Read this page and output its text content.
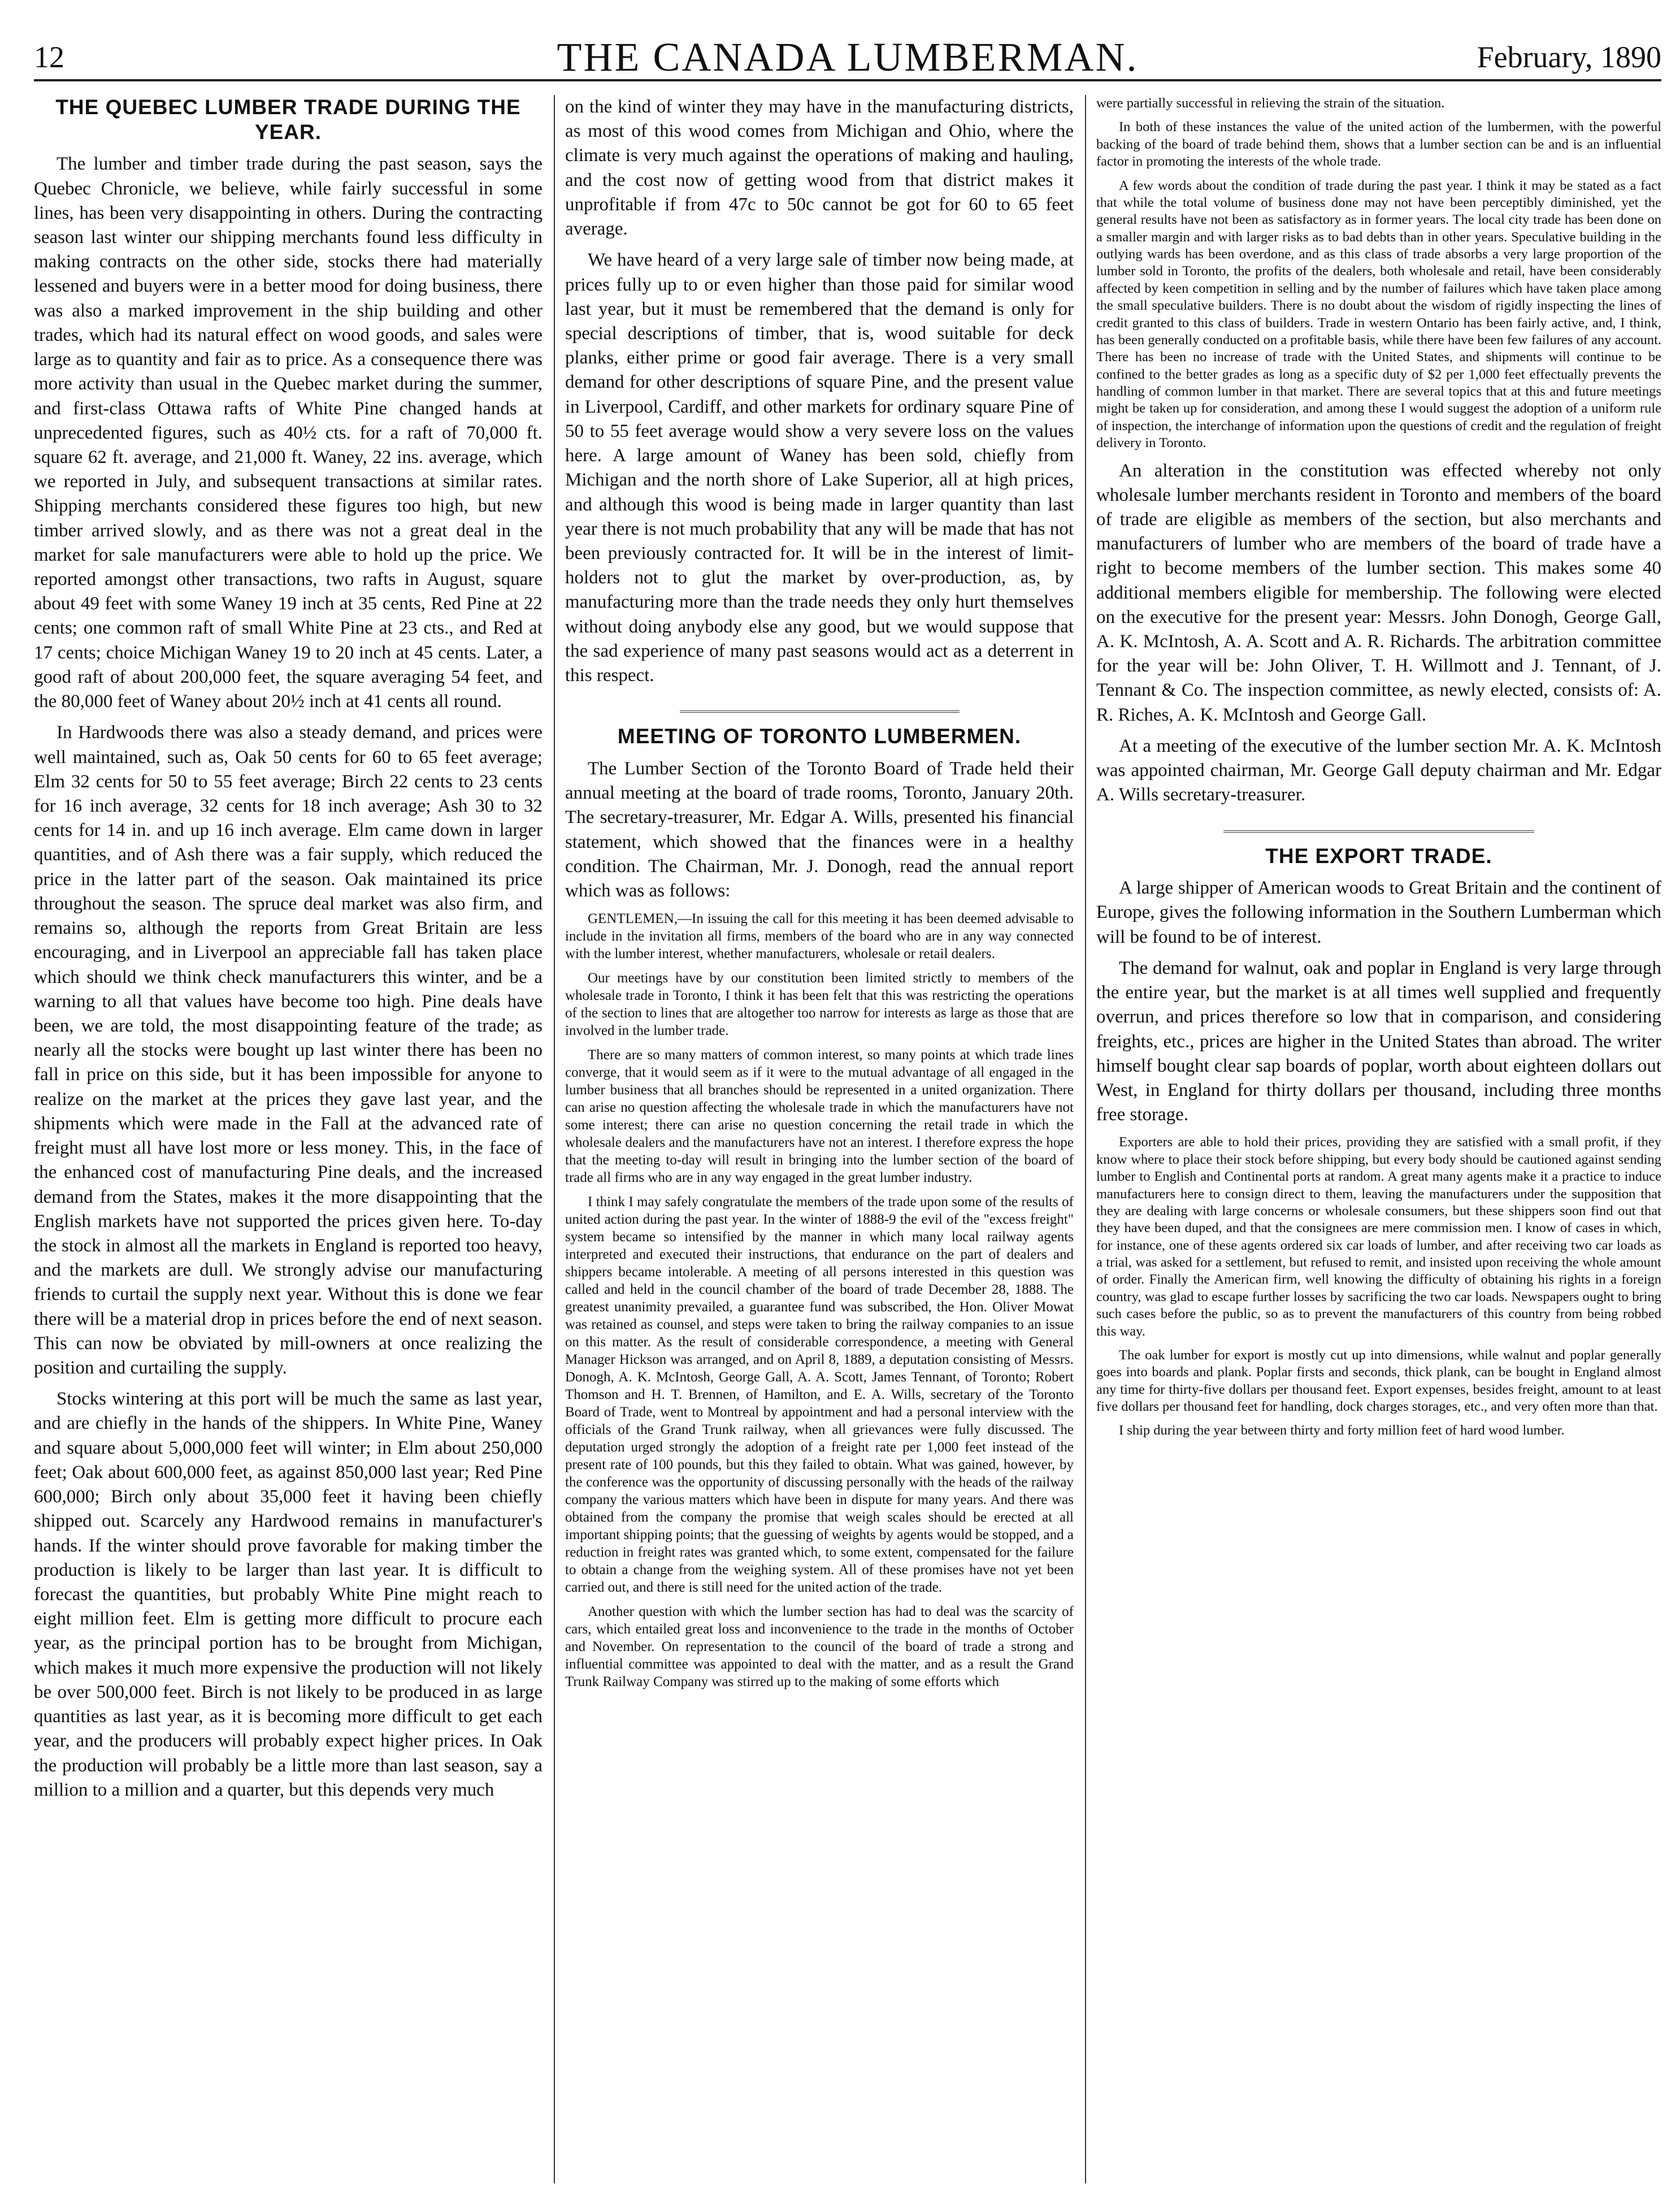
12	THE CANADA LUMBERMAN.	February, 1890
THE QUEBEC LUMBER TRADE DURING THE YEAR.

The lumber and timber trade during the past season, says the Quebec Chronicle, we believe, while fairly successful in some lines, has been very disappointing in others. During the contracting season last winter our shipping merchants found less difficulty in making contracts on the other side, stocks there had materially lessened and buyers were in a better mood for doing business, there was also a marked improvement in the ship building and other trades, which had its natural effect on wood goods, and sales were large as to quantity and fair as to price. As a consequence there was more activity than usual in the Quebec market during the summer, and first-class Ottawa rafts of White Pine changed hands at unprecedented figures, such as 40½ cts. for a raft of 70,000 ft. square 62 ft. average, and 21,000 ft. Waney, 22 ins. average, which we reported in July, and subsequent transactions at similar rates. Shipping merchants considered these figures too high, but new timber arrived slowly, and as there was not a great deal in the market for sale manufacturers were able to hold up the price. We reported amongst other transactions, two rafts in August, square about 49 feet with some Waney 19 inch at 35 cents, Red Pine at 22 cents; one common raft of small White Pine at 23 cts., and Red at 17 cents; choice Michigan Waney 19 to 20 inch at 45 cents. Later, a good raft of about 200,000 feet, the square averaging 54 feet, and the 80,000 feet of Waney about 20½ inch at 41 cents all round.

In Hardwoods there was also a steady demand, and prices were well maintained, such as, Oak 50 cents for 60 to 65 feet average; Elm 32 cents for 50 to 55 feet average; Birch 22 cents to 23 cents for 16 inch average, 32 cents for 18 inch average; Ash 30 to 32 cents for 14 in. and up 16 inch average. Elm came down in larger quantities, and of Ash there was a fair supply, which reduced the price in the latter part of the season. Oak maintained its price throughout the season. The spruce deal market was also firm, and remains so, although the reports from Great Britain are less encouraging, and in Liverpool an appreciable fall has taken place which should we think check manufacturers this winter, and be a warning to all that values have become too high. Pine deals have been, we are told, the most disappointing feature of the trade; as nearly all the stocks were bought up last winter there has been no fall in price on this side, but it has been impossible for anyone to realize on the market at the prices they gave last year, and the shipments which were made in the Fall at the advanced rate of freight must all have lost more or less money. This, in the face of the enhanced cost of manufacturing Pine deals, and the increased demand from the States, makes it the more disappointing that the English markets have not supported the prices given here. To-day the stock in almost all the markets in England is reported too heavy, and the markets are dull. We strongly advise our manufacturing friends to curtail the supply next year. Without this is done we fear there will be a material drop in prices before the end of next season. This can now be obviated by mill-owners at once realizing the position and curtailing the supply.

Stocks wintering at this port will be much the same as last year, and are chiefly in the hands of the shippers. In White Pine, Waney and square about 5,000,000 feet will winter; in Elm about 250,000 feet; Oak about 600,000 feet, as against 850,000 last year; Red Pine 600,000; Birch only about 35,000 feet it having been chiefly shipped out. Scarcely any Hardwood remains in manufacturer's hands. If the winter should prove favorable for making timber the production is likely to be larger than last year. It is difficult to forecast the quantities, but probably White Pine might reach to eight million feet. Elm is getting more difficult to procure each year, as the principal portion has to be brought from Michigan, which makes it much more expensive the production will not likely be over 500,000 feet. Birch is not likely to be produced in as large quantities as last year, as it is becoming more difficult to get each year, and the producers will probably expect higher prices. In Oak the production will probably be a little more than last season, say a million to a million and a quarter, but this depends very much

on the kind of winter they may have in the manufacturing districts, as most of this wood comes from Michigan and Ohio, where the climate is very much against the operations of making and hauling, and the cost now of getting wood from that district makes it unprofitable if from 47c to 50c cannot be got for 60 to 65 feet average.

We have heard of a very large sale of timber now being made, at prices fully up to or even higher than those paid for similar wood last year, but it must be remembered that the demand is only for special descriptions of timber, that is, wood suitable for deck planks, either prime or good fair average. There is a very small demand for other descriptions of square Pine, and the present value in Liverpool, Cardiff, and other markets for ordinary square Pine of 50 to 55 feet average would show a very severe loss on the values here. A large amount of Waney has been sold, chiefly from Michigan and the north shore of Lake Superior, all at high prices, and although this wood is being made in larger quantity than last year there is not much probability that any will be made that has not been previously contracted for. It will be in the interest of limit-holders not to glut the market by over-production, as, by manufacturing more than the trade needs they only hurt themselves without doing anybody else any good, but we would suppose that the sad experience of many past seasons would act as a deterrent in this respect.

MEETING OF TORONTO LUMBERMEN.

The Lumber Section of the Toronto Board of Trade held their annual meeting at the board of trade rooms, Toronto, January 20th. The secretary-treasurer, Mr. Edgar A. Wills, presented his financial statement, which showed that the finances were in a healthy condition. The Chairman, Mr. J. Donogh, read the annual report which was as follows:

GENTLEMEN,—In issuing the call for this meeting it has been deemed advisable to include in the invitation all firms, members of the board who are in any way connected with the lumber interest, whether manufacturers, wholesale or retail dealers.

Our meetings have by our constitution been limited strictly to members of the wholesale trade in Toronto, I think it has been felt that this was restricting the operations of the section to lines that are altogether too narrow for interests as large as those that are involved in the lumber trade.

There are so many matters of common interest, so many points at which trade lines converge, that it would seem as if it were to the mutual advantage of all engaged in the lumber business that all branches should be represented in a united organization. There can arise no question affecting the wholesale trade in which the manufacturers have not some interest; there can arise no question concerning the retail trade in which the wholesale dealers and the manufacturers have not an interest. I therefore express the hope that the meeting to-day will result in bringing into the lumber section of the board of trade all firms who are in any way engaged in the great lumber industry.

I think I may safely congratulate the members of the trade upon some of the results of united action during the past year. In the winter of 1888-9 the evil of the "excess freight" system became so intensified by the manner in which many local railway agents interpreted and executed their instructions, that endurance on the part of dealers and shippers became intolerable. A meeting of all persons interested in this question was called and held in the council chamber of the board of trade December 28, 1888. The greatest unanimity prevailed, a guarantee fund was subscribed, the Hon. Oliver Mowat was retained as counsel, and steps were taken to bring the railway companies to an issue on this matter. As the result of considerable correspondence, a meeting with General Manager Hickson was arranged, and on April 8, 1889, a deputation consisting of Messrs. Donogh, A. K. McIntosh, George Gall, A. A. Scott, James Tennant, of Toronto; Robert Thomson and H. T. Brennen, of Hamilton, and E. A. Wills, secretary of the Toronto Board of Trade, went to Montreal by appointment and had a personal interview with the officials of the Grand Trunk railway, when all grievances were fully discussed. The deputation urged strongly the adoption of a freight rate per 1,000 feet instead of the present rate of 100 pounds, but this they failed to obtain. What was gained, however, by the conference was the opportunity of discussing personally with the heads of the railway company the various matters which have been in dispute for many years. And there was obtained from the company the promise that weigh scales should be erected at all important shipping points; that the guessing of weights by agents would be stopped, and a reduction in freight rates was granted which, to some extent, compensated for the failure to obtain a change from the weighing system. All of these promises have not yet been carried out, and there is still need for the united action of the trade.

Another question with which the lumber section has had to deal was the scarcity of cars, which entailed great loss and inconvenience to the trade in the months of October and November. On representation to the council of the board of trade a strong and influential committee was appointed to deal with the matter, and as a result the Grand Trunk Railway Company was stirred up to the making of some efforts which

were partially successful in relieving the strain of the situation.

In both of these instances the value of the united action of the lumbermen, with the powerful backing of the board of trade behind them, shows that a lumber section can be and is an influential factor in promoting the interests of the whole trade.

A few words about the condition of trade during the past year. I think it may be stated as a fact that while the total volume of business done may not have been perceptibly diminished, yet the general results have not been as satisfactory as in former years. The local city trade has been done on a smaller margin and with larger risks as to bad debts than in other years. Speculative building in the outlying wards has been overdone, and as this class of trade absorbs a very large proportion of the lumber sold in Toronto, the profits of the dealers, both wholesale and retail, have been considerably affected by keen competition in selling and by the number of failures which have taken place among the small speculative builders. There is no doubt about the wisdom of rigidly inspecting the lines of credit granted to this class of builders. Trade in western Ontario has been fairly active, and, I think, has been generally conducted on a profitable basis, while there have been few failures of any account. There has been no increase of trade with the United States, and shipments will continue to be confined to the better grades as long as a specific duty of $2 per 1,000 feet effectually prevents the handling of common lumber in that market. There are several topics that at this and future meetings might be taken up for consideration, and among these I would suggest the adoption of a uniform rule of inspection, the interchange of information upon the questions of credit and the regulation of freight delivery in Toronto.

An alteration in the constitution was effected whereby not only wholesale lumber merchants resident in Toronto and members of the board of trade are eligible as members of the section, but also merchants and manufacturers of lumber who are members of the board of trade have a right to become members of the lumber section. This makes some 40 additional members eligible for membership. The following were elected on the executive for the present year: Messrs. John Donogh, George Gall, A. K. McIntosh, A. A. Scott and A. R. Richards. The arbitration committee for the year will be: John Oliver, T. H. Willmott and J. Tennant, of J. Tennant & Co. The inspection committee, as newly elected, consists of: A. R. Riches, A. K. McIntosh and George Gall.

At a meeting of the executive of the lumber section Mr. A. K. McIntosh was appointed chairman, Mr. George Gall deputy chairman and Mr. Edgar A. Wills secretary-treasurer.

THE EXPORT TRADE.

A large shipper of American woods to Great Britain and the continent of Europe, gives the following information in the Southern Lumberman which will be found to be of interest.

The demand for walnut, oak and poplar in England is very large through the entire year, but the market is at all times well supplied and frequently overrun, and prices therefore so low that in comparison, and considering freights, etc., prices are higher in the United States than abroad. The writer himself bought clear sap boards of poplar, worth about eighteen dollars out West, in England for thirty dollars per thousand, including three months free storage.

Exporters are able to hold their prices, providing they are satisfied with a small profit, if they know where to place their stock before shipping, but every body should be cautioned against sending lumber to English and Continental ports at random. A great many agents make it a practice to induce manufacturers here to consign direct to them, leaving the manufacturers under the supposition that they are dealing with large concerns or wholesale consumers, but these shippers soon find out that they have been duped, and that the consignees are mere commission men. I know of cases in which, for instance, one of these agents ordered six car loads of lumber, and after receiving two car loads as a trial, was asked for a settlement, but refused to remit, and insisted upon receiving the whole amount of order. Finally the American firm, well knowing the difficulty of obtaining his rights in a foreign country, was glad to escape further losses by sacrificing the two car loads. Newspapers ought to bring such cases before the public, so as to prevent the manufacturers of this country from being robbed this way.

The oak lumber for export is mostly cut up into dimensions, while walnut and poplar generally goes into boards and plank. Poplar firsts and seconds, thick plank, can be bought in England almost any time for thirty-five dollars per thousand feet. Export expenses, besides freight, amount to at least five dollars per thousand feet for handling, dock charges storages, etc., and very often more than that.

I ship during the year between thirty and forty million feet of hard wood lumber.
